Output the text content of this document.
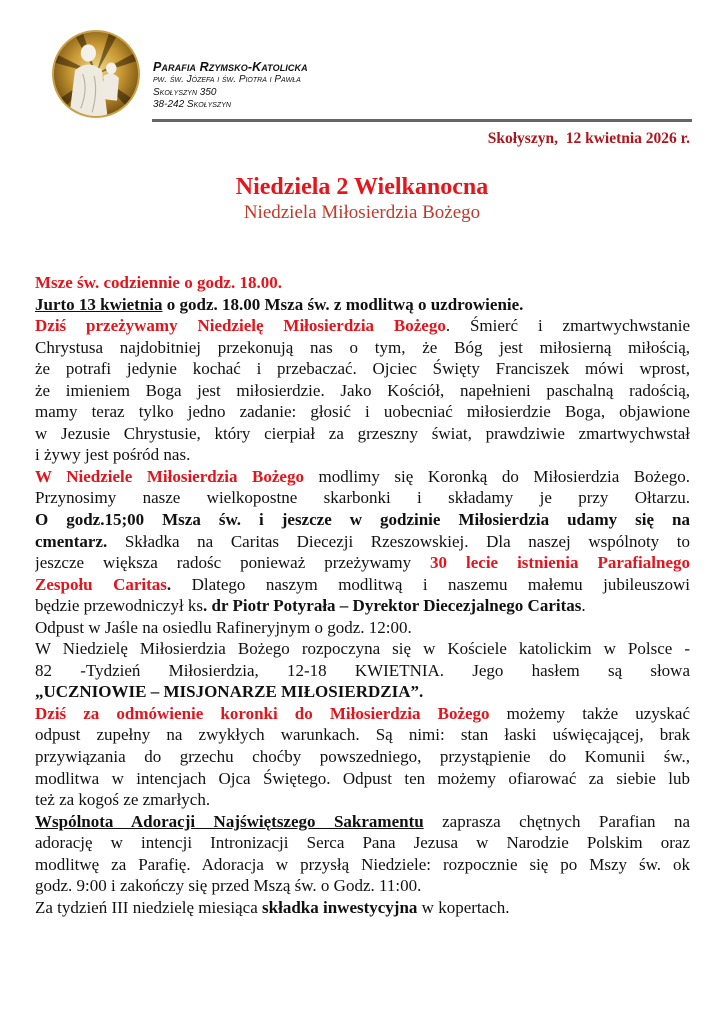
Parafia Rzymsko-Katolicka
pw. św. Józefa i św. Piotra i Pawła
Skołyszyn 350
38-242 Skołyszyn
Skołyszyn,  12 kwietnia 2026 r.
Niedziela 2 Wielkanocna
Niedziela Miłosierdzia Bożego
Msze św. codziennie o godz. 18.00.
Jurto 13 kwietnia o godz. 18.00 Msza św. z modlitwą o uzdrowienie.
Dziś przeżywamy Niedzielę Miłosierdzia Bożego. Śmierć i zmartwychwstanie
Chrystusa najdobitniej przekonują nas o tym, że Bóg jest miłosierną miłością,
że potrafi jedynie kochać i przebaczać. Ojciec Święty Franciszek mówi wprost,
że imieniem Boga jest miłosierdzie. Jako Kościół, napełnieni paschalną radością,
mamy teraz tylko jedno zadanie: głosić i uobecniać miłosierdzie Boga, objawione
w Jezusie Chrystusie, który cierpiał za grzeszny świat, prawdziwie zmartwychwstał
i żywy jest pośród nas.
W Niedziele Miłosierdzia Bożego modlimy się Koronką do Miłosierdzia Bożego.
Przynosimy nasze wielkopostne skarbonki i składamy je przy Ołtarzu.
O godz.15;00 Msza św. i jeszcze w godzinie Miłosierdzia udamy się na
cmentarz. Składka na Caritas Diecezji Rzeszowskiej. Dla naszej wspólnoty to
jeszcze większa radośc ponieważ przeżywamy 30 lecie istnienia Parafialnego
Zespołu Caritas. Dlatego naszym modlitwą i naszemu małemu jubileuszowi
będzie przewodniczył ks. dr Piotr Potyrała – Dyrektor Diecezjalnego Caritas.
Odpust w Jaśle na osiedlu Rafineryjnym o godz. 12:00.
W Niedzielę Miłosierdzia Bożego rozpoczyna się w Kościele katolickim w Polsce -
82 -Tydzień Miłosierdzia, 12-18 KWIETNIA. Jego hasłem są słowa
„UCZNIOWIE – MISJONARZE MIŁOSIERDZIA”.
Dziś za odmówienie koronki do Miłosierdzia Bożego możemy także uzyskać
odpust zupełny na zwykłych warunkach. Są nimi: stan łaski uświęcającej, brak
przywiązania do grzechu choćby powszedniego, przystąpienie do Komunii św.,
modlitwa w intencjach Ojca Świętego. Odpust ten możemy ofiarować za siebie lub
też za kogoś ze zmarłych.
Wspólnota Adoracji Najświętszego Sakramentu zaprasza chętnych Parafian na
adorację w intencji Intronizacji Serca Pana Jezusa w Narodzie Polskim oraz
modlitwę za Parafię. Adoracja w przysłą Niedziele: rozpocznie się po Mszy św. ok
godz. 9:00 i zakończy się przed Mszą św. o Godz. 11:00.
Za tydzień III niedzielę miesiąca składka inwestycyjna w kopertach.
